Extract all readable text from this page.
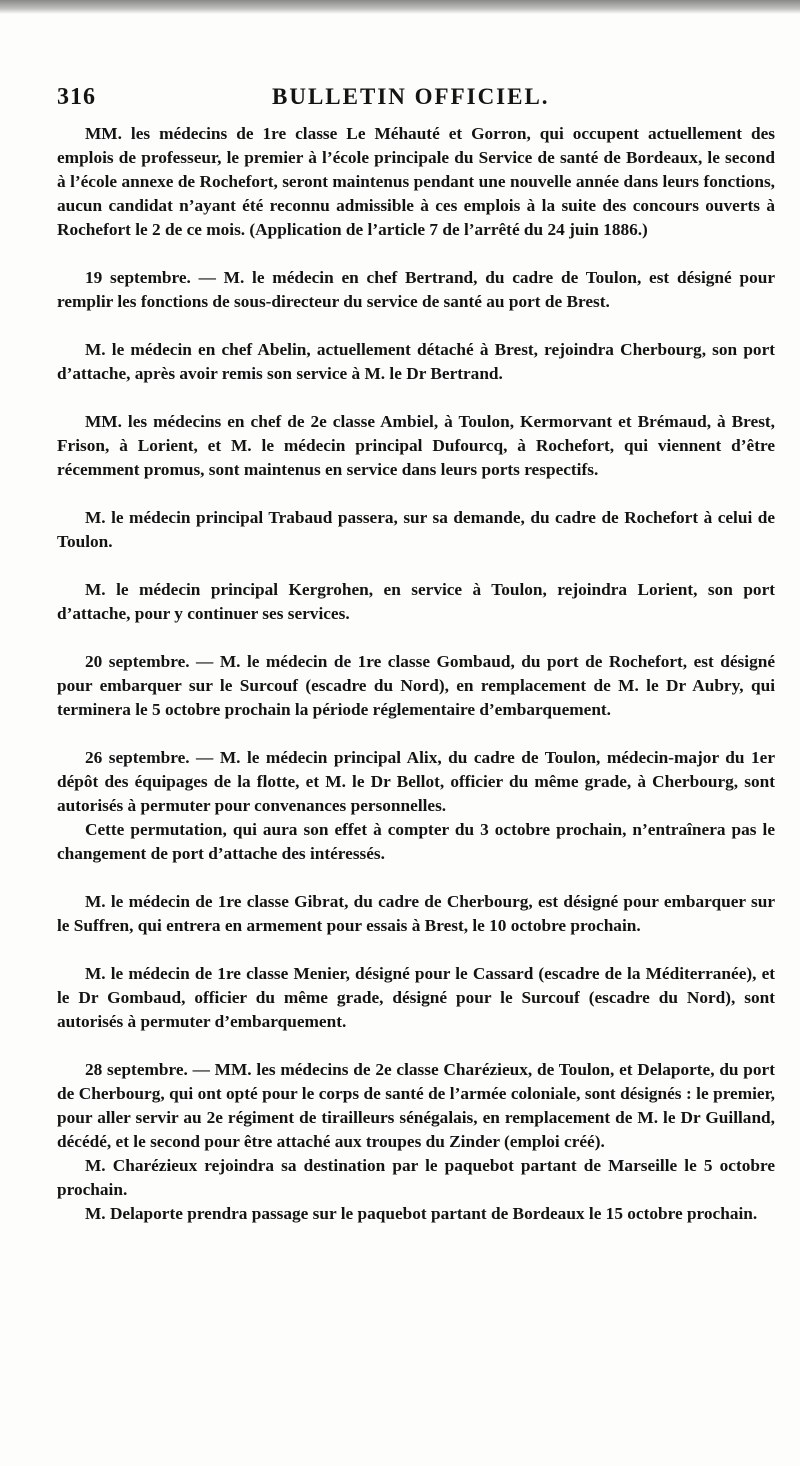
316	BULLETIN OFFICIEL.

MM. les médecins de 1re classe Le Méhauté et Gorron, qui occupent actuellement des emplois de professeur, le premier à l’école principale du Service de santé de Bordeaux, le second à l’école annexe de Rochefort, seront maintenus pendant une nouvelle année dans leurs fonctions, aucun candidat n’ayant été reconnu admissible à ces emplois à la suite des concours ouverts à Rochefort le 2 de ce mois. (Application de l’article 7 de l’arrêté du 24 juin 1886.)

19 septembre. — M. le médecin en chef Bertrand, du cadre de Toulon, est désigné pour remplir les fonctions de sous-directeur du service de santé au port de Brest.

M. le médecin en chef Abelin, actuellement détaché à Brest, rejoindra Cherbourg, son port d’attache, après avoir remis son service à M. le Dr Bertrand.

MM. les médecins en chef de 2e classe Ambiel, à Toulon, Kermorvant et Brémaud, à Brest, Frison, à Lorient, et M. le médecin principal Dufourcq, à Rochefort, qui viennent d’être récemment promus, sont maintenus en service dans leurs ports respectifs.

M. le médecin principal Trabaud passera, sur sa demande, du cadre de Rochefort à celui de Toulon.

M. le médecin principal Kergrohen, en service à Toulon, rejoindra Lorient, son port d’attache, pour y continuer ses services.

20 septembre. — M. le médecin de 1re classe Gombaud, du port de Rochefort, est désigné pour embarquer sur le Surcouf (escadre du Nord), en remplacement de M. le Dr Aubry, qui terminera le 5 octobre prochain la période réglementaire d’embarquement.

26 septembre. — M. le médecin principal Alix, du cadre de Toulon, médecin-major du 1er dépôt des équipages de la flotte, et M. le Dr Bellot, officier du même grade, à Cherbourg, sont autorisés à permuter pour convenances personnelles.

Cette permutation, qui aura son effet à compter du 3 octobre prochain, n’entraînera pas le changement de port d’attache des intéressés.

M. le médecin de 1re classe Gibrat, du cadre de Cherbourg, est désigné pour embarquer sur le Suffren, qui entrera en armement pour essais à Brest, le 10 octobre prochain.

M. le médecin de 1re classe Menier, désigné pour le Cassard (escadre de la Méditerranée), et le Dr Gombaud, officier du même grade, désigné pour le Surcouf (escadre du Nord), sont autorisés à permuter d’embarquement.

28 septembre. — MM. les médecins de 2e classe Charézieux, de Toulon, et Delaporte, du port de Cherbourg, qui ont opté pour le corps de santé de l’armée coloniale, sont désignés : le premier, pour aller servir au 2e régiment de tirailleurs sénégalais, en remplacement de M. le Dr Guilland, décédé, et le second pour être attaché aux troupes du Zinder (emploi créé).

M. Charézieux rejoindra sa destination par le paquebot partant de Marseille le 5 octobre prochain.

M. Delaporte prendra passage sur le paquebot partant de Bordeaux le 15 octobre prochain.
